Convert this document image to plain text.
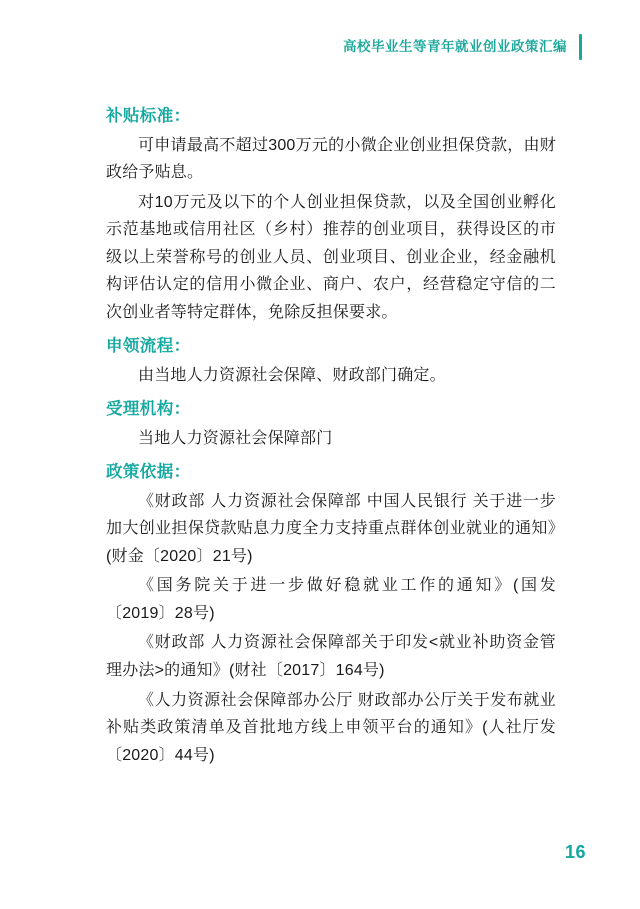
高校毕业生等青年就业创业政策汇编
补贴标准：

可申请最高不超过300万元的小微企业创业担保贷款，由财政给予贴息。

对10万元及以下的个人创业担保贷款，以及全国创业孵化示范基地或信用社区（乡村）推荐的创业项目，获得设区的市级以上荣誉称号的创业人员、创业项目、创业企业，经金融机构评估认定的信用小微企业、商户、农户，经营稳定守信的二次创业者等特定群体，免除反担保要求。

申领流程：

由当地人力资源社会保障、财政部门确定。

受理机构：

当地人力资源社会保障部门

政策依据：

《财政部 人力资源社会保障部 中国人民银行 关于进一步加大创业担保贷款贴息力度全力支持重点群体创业就业的通知》(财金〔2020〕21号)

《国务院关于进一步做好稳就业工作的通知》(国发〔2019〕28号)

《财政部 人力资源社会保障部关于印发<就业补助资金管理办法>的通知》(财社〔2017〕164号)

《人力资源社会保障部办公厅 财政部办公厅关于发布就业补贴类政策清单及首批地方线上申领平台的通知》(人社厅发〔2020〕44号)

16
